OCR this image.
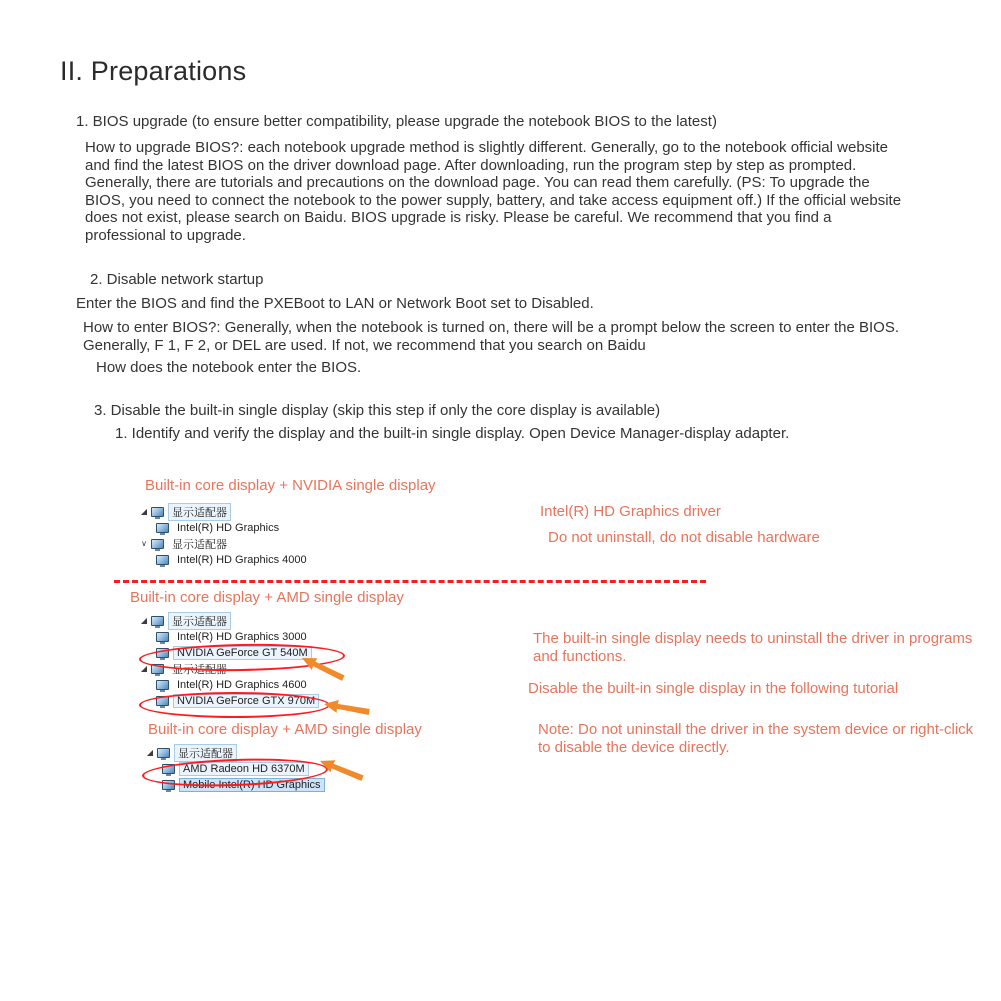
II. Preparations
1. BIOS upgrade (to ensure better compatibility, please upgrade the notebook BIOS to the latest)
How to upgrade BIOS?: each notebook upgrade method is slightly different. Generally, go to the notebook official website and find the latest BIOS on the driver download page. After downloading, run the program step by step as prompted. Generally, there are tutorials and precautions on the download page. You can read them carefully. (PS: To upgrade the BIOS, you need to connect the notebook to the power supply, battery, and take access equipment off.) If the official website does not exist, please search on Baidu. BIOS upgrade is risky. Please be careful. We recommend that you find a professional to upgrade.
2. Disable network startup
Enter the BIOS and find the PXEBoot to LAN or Network Boot set to Disabled.
How to enter BIOS?: Generally, when the notebook is turned on, there will be a prompt below the screen to enter the BIOS. Generally, F 1, F 2, or DEL are used. If not, we recommend that you search on Baidu
How does the notebook enter the BIOS.
3. Disable the built-in single display (skip this step if only the core display is available)
1. Identify and verify the display and the built-in single display. Open Device Manager-display adapter.
Built-in core display + NVIDIA single display
◢	显示适配器
Intel(R) HD Graphics
∨	显示适配器
Intel(R) HD Graphics 4000
Intel(R) HD Graphics driver
Do not uninstall, do not disable hardware
Built-in core display + AMD single display
◢	显示适配器
Intel(R) HD Graphics 3000
NVIDIA GeForce GT 540M
◢	显示适配器
Intel(R) HD Graphics 4600
NVIDIA GeForce GTX 970M
The built-in single display needs to uninstall the driver in programs and functions.
Disable the built-in single display in the following tutorial
Built-in core display + AMD single display
◢	显示适配器
AMD Radeon HD 6370M
Mobile Intel(R) HD Graphics
Note: Do not uninstall the driver in the system device or right-click to disable the device directly.
